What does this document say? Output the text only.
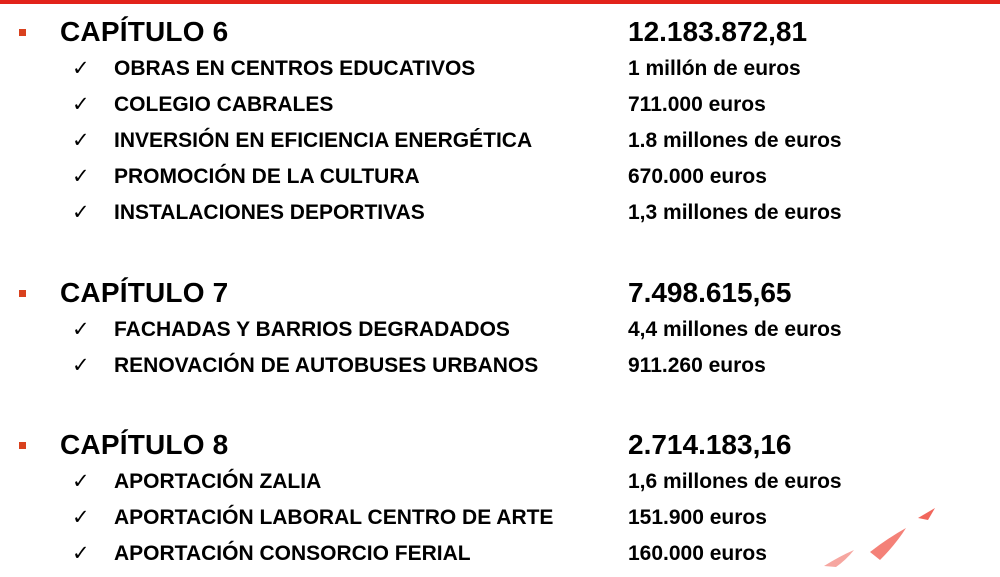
CAPÍTULO 6	12.183.872,81
✓ OBRAS EN CENTROS EDUCATIVOS	1 millón de euros
✓ COLEGIO CABRALES	711.000 euros
✓ INVERSIÓN EN EFICIENCIA ENERGÉTICA	1.8 millones de euros
✓ PROMOCIÓN DE LA CULTURA	670.000 euros
✓ INSTALACIONES DEPORTIVAS	1,3 millones de euros
CAPÍTULO 7	7.498.615,65
✓ FACHADAS Y BARRIOS DEGRADADOS	4,4 millones de euros
✓ RENOVACIÓN DE AUTOBUSES URBANOS	911.260 euros
CAPÍTULO 8	2.714.183,16
✓ APORTACIÓN ZALIA	1,6 millones de euros
✓ APORTACIÓN LABORAL CENTRO DE ARTE	151.900 euros
✓ APORTACIÓN CONSORCIO FERIAL	160.000 euros
